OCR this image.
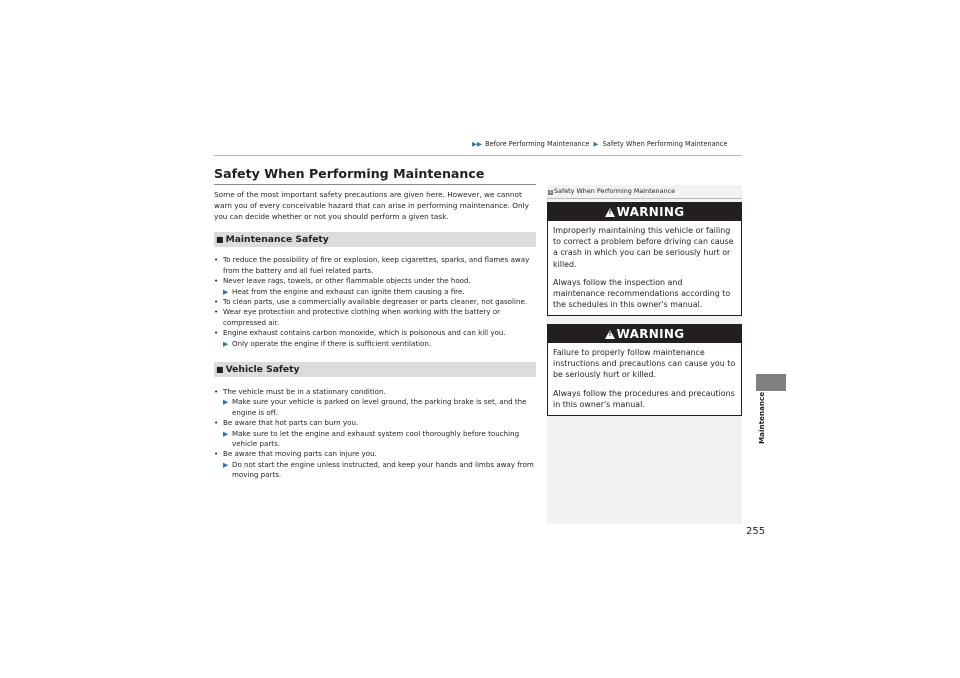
▶▶ Before Performing Maintenance ▶ Safety When Performing Maintenance
Maintenance
255
Safety When Performing Maintenance
Some of the most important safety precautions are given here. However, we cannot warn you of every conceivable hazard that can arise in performing maintenance. Only you can decide whether or not you should perform a given task.
■ Maintenance Safety
• To reduce the possibility of fire or explosion, keep cigarettes, sparks, and flames away from the battery and all fuel related parts.
• Never leave rags, towels, or other flammable objects under the hood.
▶ Heat from the engine and exhaust can ignite them causing a fire.
• To clean parts, use a commercially available degreaser or parts cleaner, not gasoline.
• Wear eye protection and protective clothing when working with the battery or compressed air.
• Engine exhaust contains carbon monoxide, which is poisonous and can kill you.
▶ Only operate the engine if there is sufficient ventilation.
■ Vehicle Safety
• The vehicle must be in a stationary condition.
▶ Make sure your vehicle is parked on level ground, the parking brake is set, and the engine is off.
• Be aware that hot parts can burn you.
▶ Make sure to let the engine and exhaust system cool thoroughly before touching vehicle parts.
• Be aware that moving parts can injure you.
▶ Do not start the engine unless instructed, and keep your hands and limbs away from moving parts.
1 Safety When Performing Maintenance
! WARNING

Improperly maintaining this vehicle or failing to correct a problem before driving can cause a crash in which you can be seriously hurt or killed.

Always follow the inspection and maintenance recommendations according to the schedules in this owner's manual.

! WARNING

Failure to properly follow maintenance instructions and precautions can cause you to be seriously hurt or killed.

Always follow the procedures and precautions in this owner's manual.
